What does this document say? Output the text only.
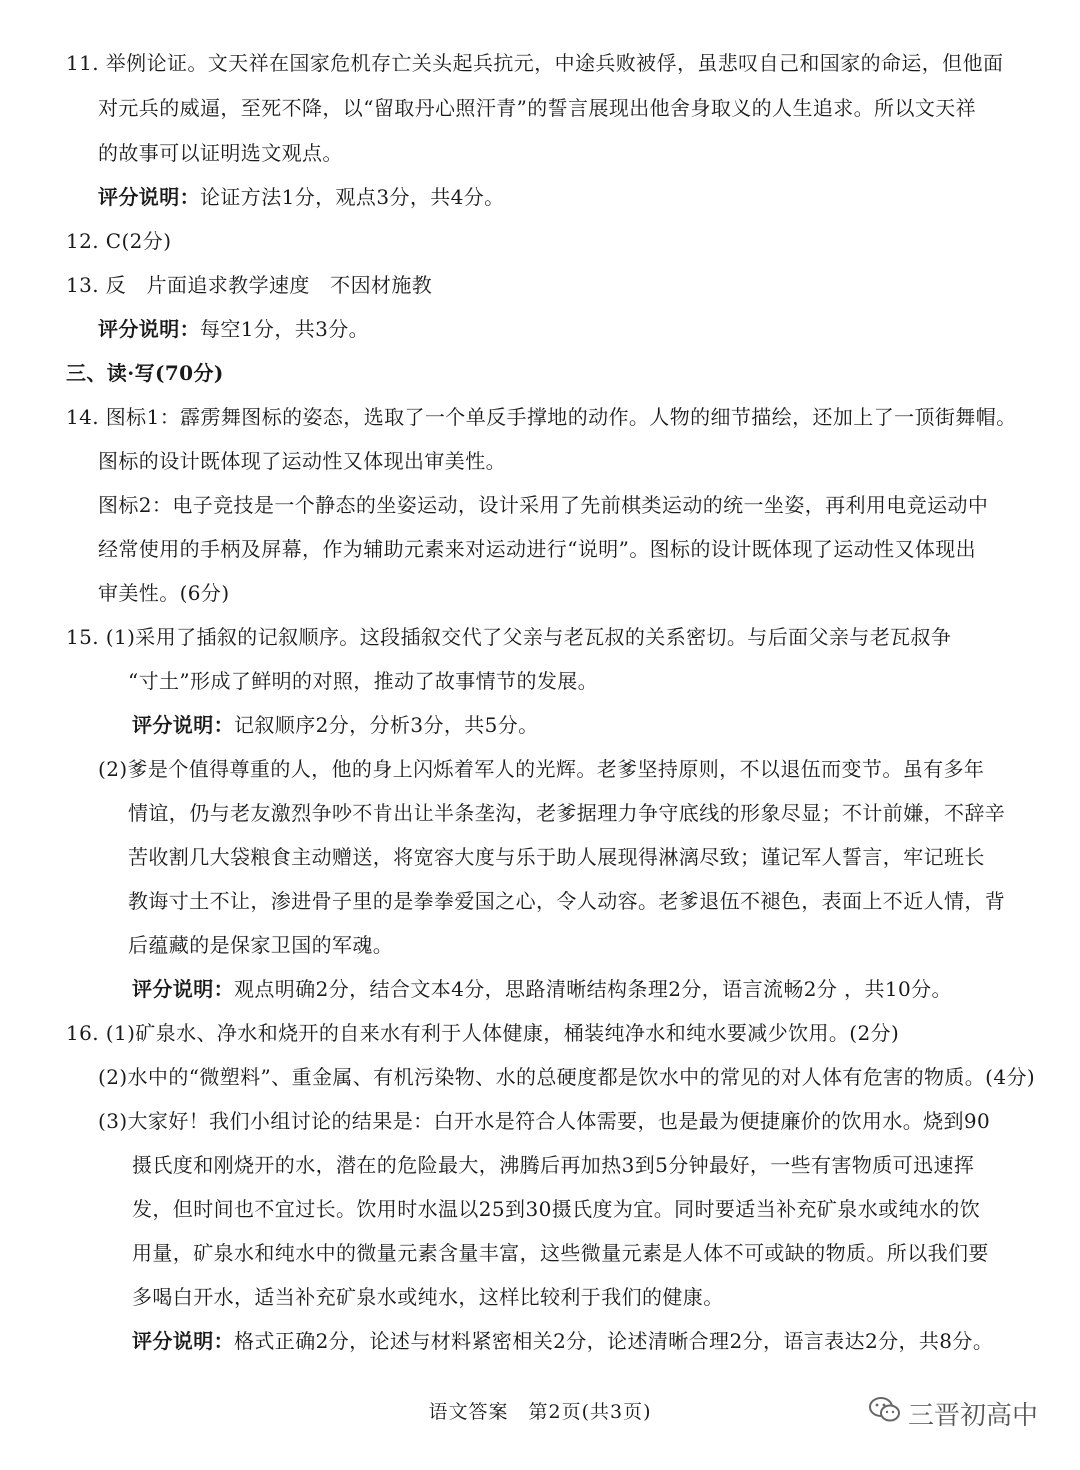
11. 举例论证。文天祥在国家危机存亡关头起兵抗元，中途兵败被俘，虽悲叹自己和国家的命运，但他面
对元兵的威逼，至死不降，以“留取丹心照汗青”的誓言展现出他舍身取义的人生追求。所以文天祥
的故事可以证明选文观点。
评分说明：论证方法1分，观点3分，共4分。
12. C(2分)
13. 反　片面追求教学速度　不因材施教
评分说明：每空1分，共3分。
三、读·写(70分)
14. 图标1：霹雳舞图标的姿态，选取了一个单反手撑地的动作。人物的细节描绘，还加上了一顶街舞帽。
图标的设计既体现了运动性又体现出审美性。
图标2：电子竞技是一个静态的坐姿运动，设计采用了先前棋类运动的统一坐姿，再利用电竞运动中
经常使用的手柄及屏幕，作为辅助元素来对运动进行“说明”。图标的设计既体现了运动性又体现出
审美性。(6分)
15. (1)采用了插叙的记叙顺序。这段插叙交代了父亲与老瓦叔的关系密切。与后面父亲与老瓦叔争
“寸土”形成了鲜明的对照，推动了故事情节的发展。
评分说明：记叙顺序2分，分析3分，共5分。
(2)爹是个值得尊重的人，他的身上闪烁着军人的光辉。老爹坚持原则，不以退伍而变节。虽有多年
情谊，仍与老友激烈争吵不肯出让半条垄沟，老爹据理力争守底线的形象尽显；不计前嫌，不辞辛
苦收割几大袋粮食主动赠送，将宽容大度与乐于助人展现得淋漓尽致；谨记军人誓言，牢记班长
教诲寸土不让，渗进骨子里的是拳拳爱国之心，令人动容。老爹退伍不褪色，表面上不近人情，背
后蕴藏的是保家卫国的军魂。
评分说明：观点明确2分，结合文本4分，思路清晰结构条理2分，语言流畅2分 ，共10分。
16. (1)矿泉水、净水和烧开的自来水有利于人体健康，桶装纯净水和纯水要减少饮用。(2分)
(2)水中的“微塑料”、重金属、有机污染物、水的总硬度都是饮水中的常见的对人体有危害的物质。(4分)
(3)大家好！我们小组讨论的结果是：白开水是符合人体需要，也是最为便捷廉价的饮用水。烧到90
摄氏度和刚烧开的水，潜在的危险最大，沸腾后再加热3到5分钟最好，一些有害物质可迅速挥
发，但时间也不宜过长。饮用时水温以25到30摄氏度为宜。同时要适当补充矿泉水或纯水的饮
用量，矿泉水和纯水中的微量元素含量丰富，这些微量元素是人体不可或缺的物质。所以我们要
多喝白开水，适当补充矿泉水或纯水，这样比较利于我们的健康。
评分说明：格式正确2分，论述与材料紧密相关2分，论述清晰合理2分，语言表达2分，共8分。
语文答案　第2页(共3页)	三晋初高中
